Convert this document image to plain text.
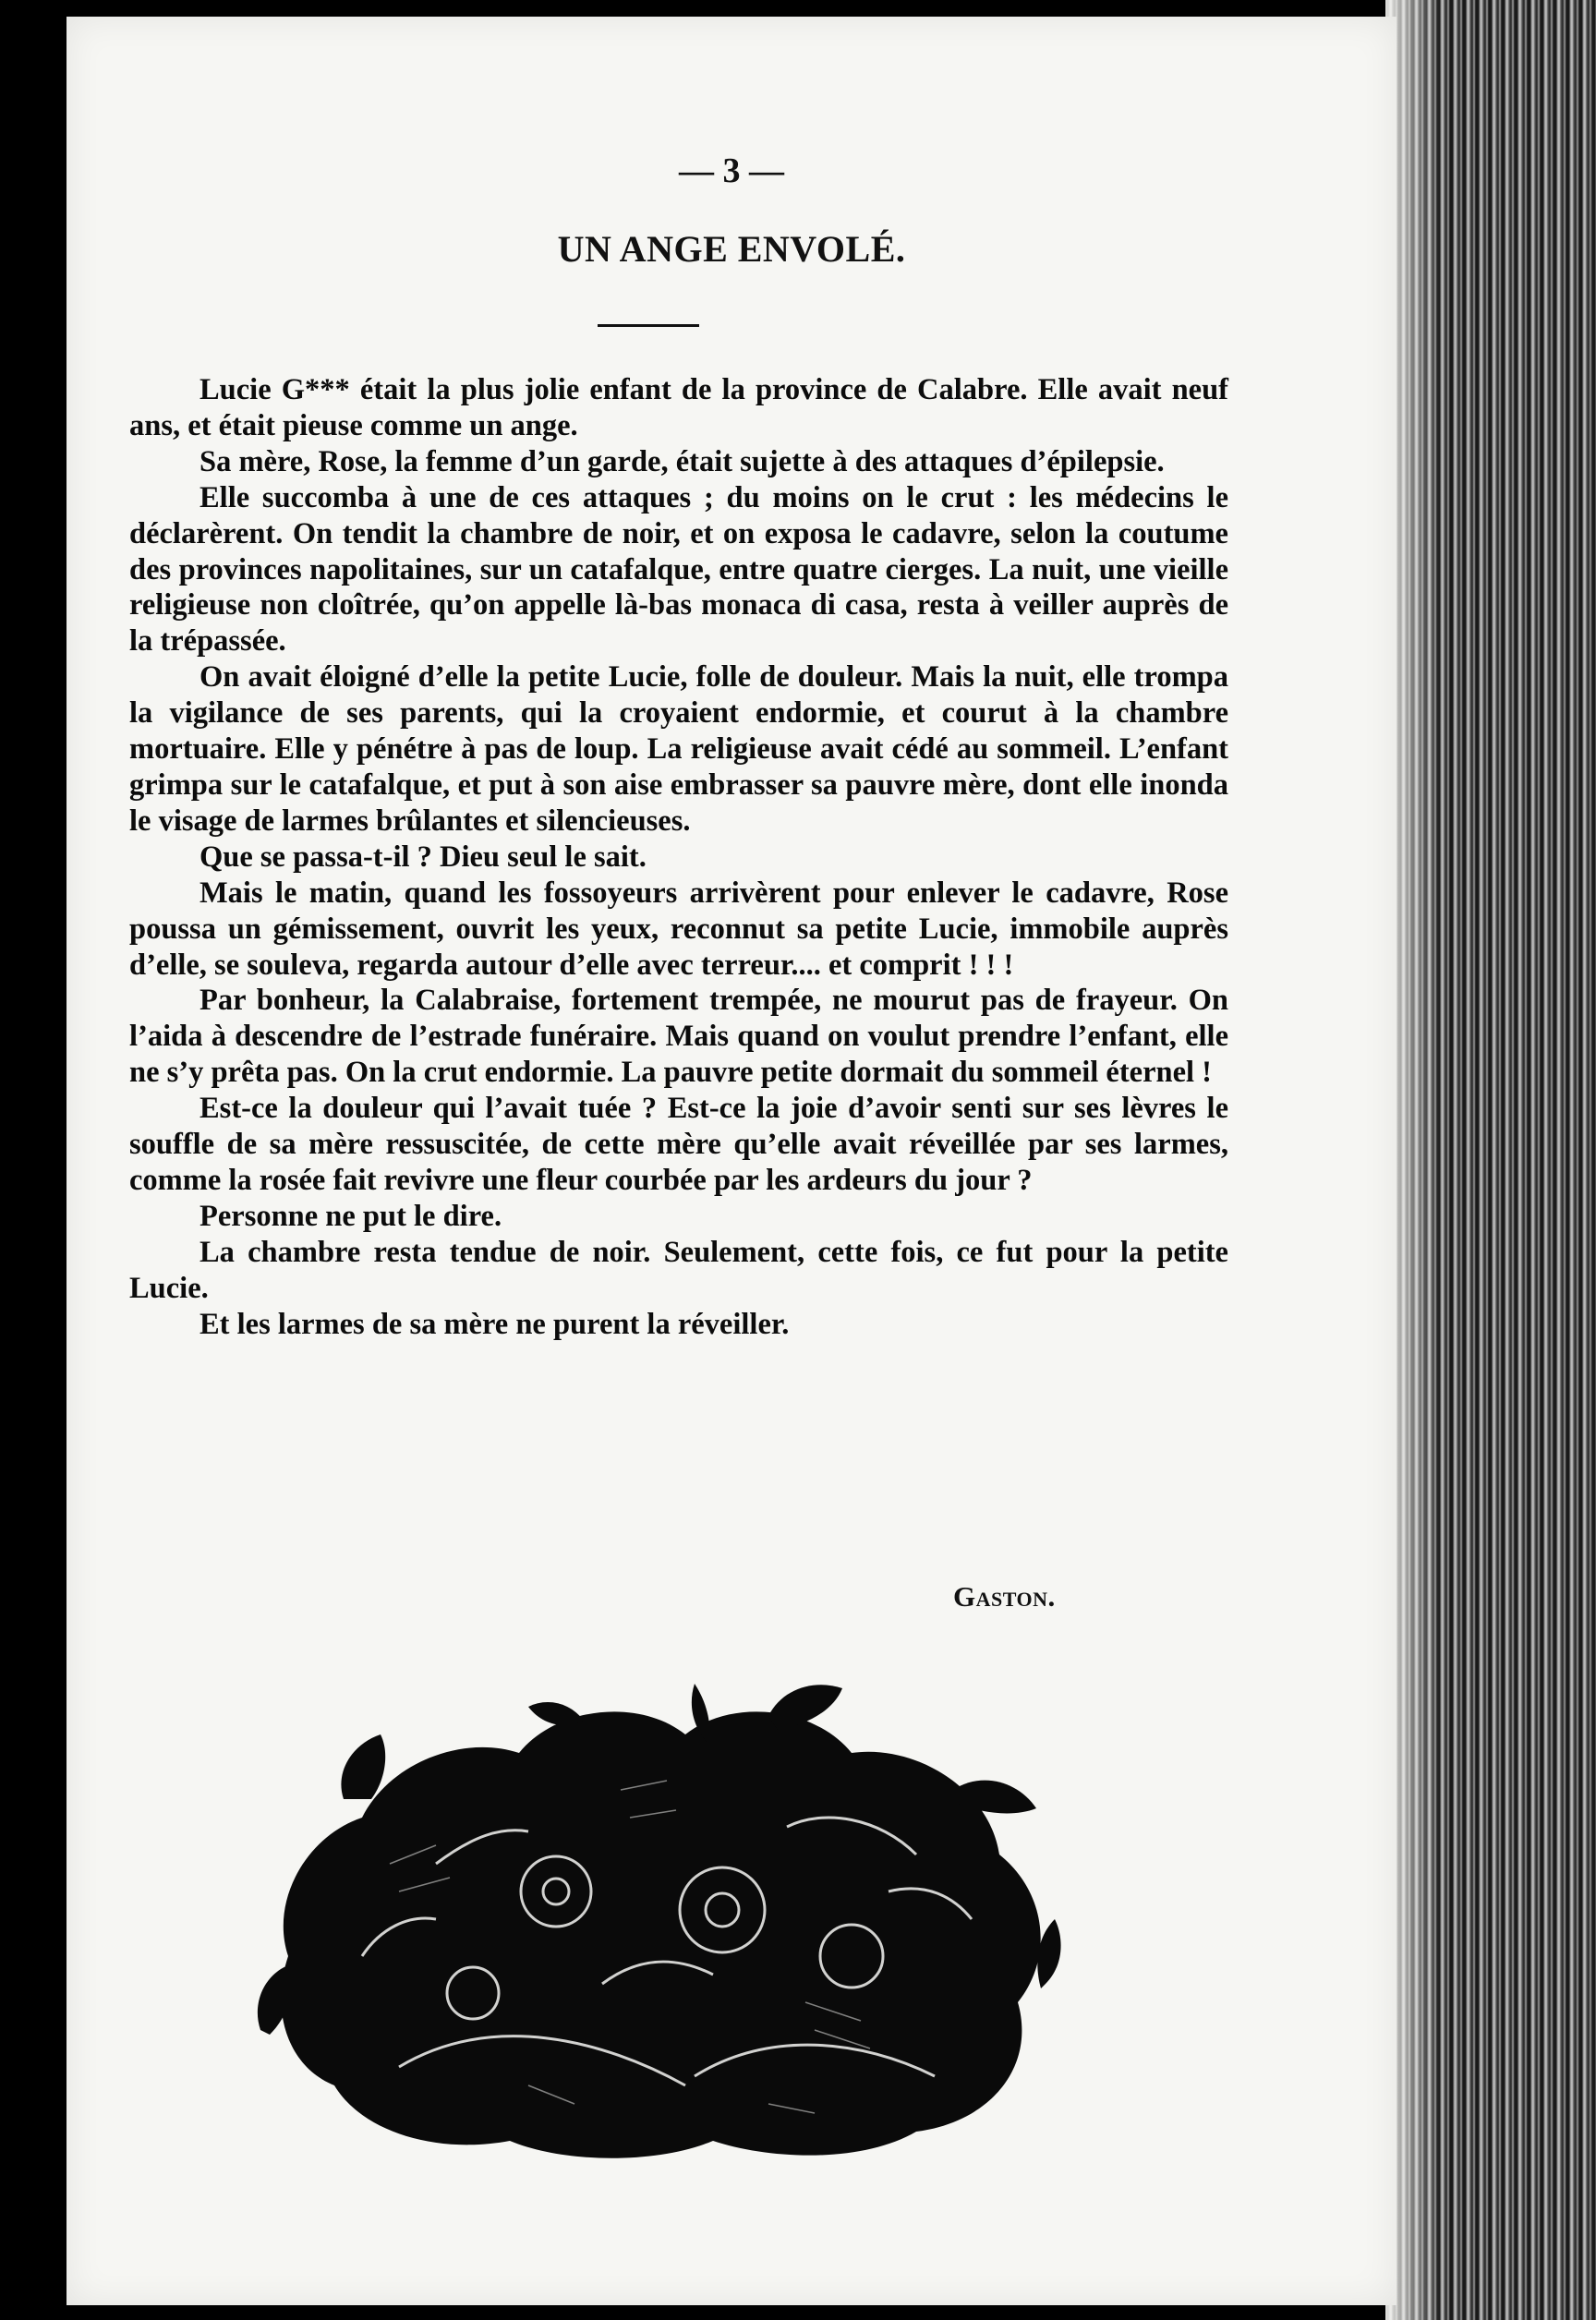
— 3 —
UN ANGE ENVOLÉ.

Lucie G*** était la plus jolie enfant de la province de Calabre. Elle avait neuf ans, et était pieuse comme un ange.

Sa mère, Rose, la femme d’un garde, était sujette à des attaques d’épilepsie.

Elle succomba à une de ces attaques ; du moins on le crut : les médecins le déclarèrent. On tendit la chambre de noir, et on exposa le cadavre, selon la coutume des provinces napolitaines, sur un catafalque, entre quatre cierges. La nuit, une vieille religieuse non cloîtrée, qu’on appelle là-bas monaca di casa, resta à veiller auprès de la trépassée.

On avait éloigné d’elle la petite Lucie, folle de douleur. Mais la nuit, elle trompa la vigilance de ses parents, qui la croyaient endormie, et courut à la chambre mortuaire. Elle y pénétre à pas de loup. La religieuse avait cédé au sommeil. L’enfant grimpa sur le catafalque, et put à son aise embrasser sa pauvre mère, dont elle inonda le visage de larmes brûlantes et silencieuses.

Que se passa-t-il ? Dieu seul le sait.

Mais le matin, quand les fossoyeurs arrivèrent pour enlever le cadavre, Rose poussa un gémissement, ouvrit les yeux, reconnut sa petite Lucie, immobile auprès d’elle, se souleva, regarda autour d’elle avec terreur.... et comprit ! ! !

Par bonheur, la Calabraise, fortement trempée, ne mourut pas de frayeur. On l’aida à descendre de l’estrade funéraire. Mais quand on voulut prendre l’enfant, elle ne s’y prêta pas. On la crut endormie. La pauvre petite dormait du sommeil éternel !

Est-ce la douleur qui l’avait tuée ? Est-ce la joie d’avoir senti sur ses lèvres le souffle de sa mère ressuscitée, de cette mère qu’elle avait réveillée par ses larmes, comme la rosée fait revivre une fleur courbée par les ardeurs du jour ?

Personne ne put le dire.

La chambre resta tendue de noir. Seulement, cette fois, ce fut pour la petite Lucie.

Et les larmes de sa mère ne purent la réveiller.

Gaston.
